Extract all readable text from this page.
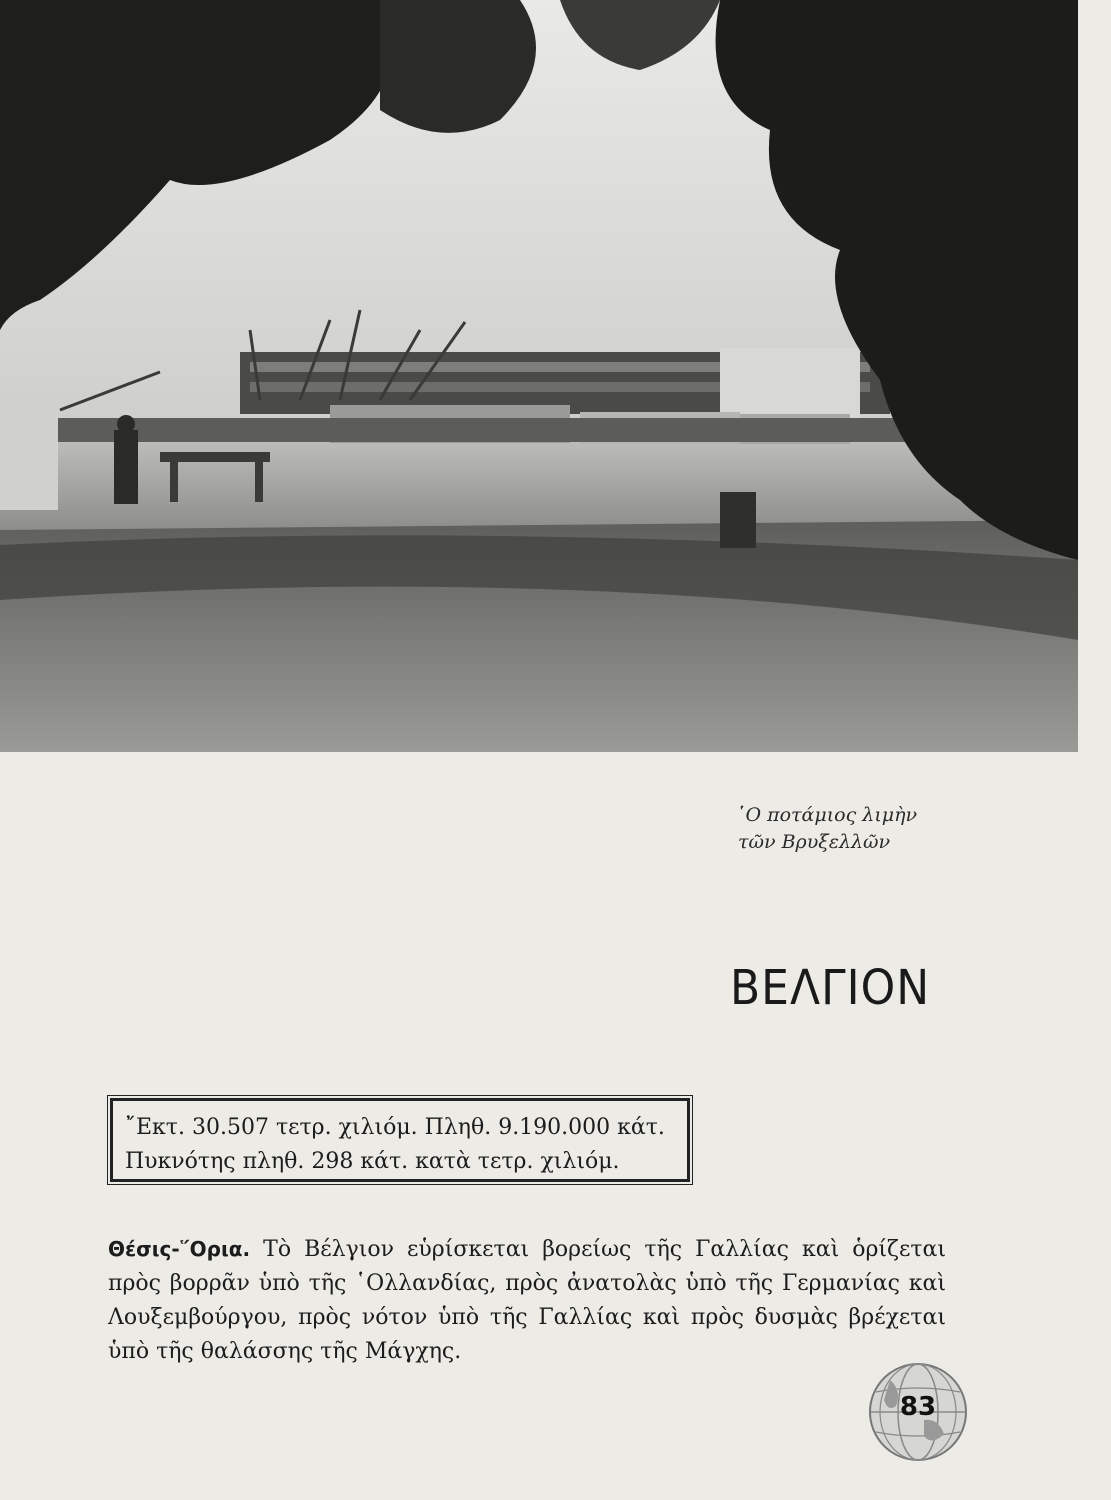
῾Ο ποτάμιος λιμὴν
τῶν Βρυξελλῶν
ΒΕΛΓΙΟΝ
῎Εκτ. 30.507 τετρ. χιλιόμ. Πληθ. 9.190.000 κάτ.
Πυκνότης πληθ. 298 κάτ. κατὰ τετρ. χιλιόμ.

Θέσις-῞Ορια. Τὸ Βέλγιον εὑρίσκεται βορείως τῆς Γαλλίας καὶ ὁρίζεται πρὸς βορρᾶν ὑπὸ τῆς ῾Ολλανδίας, πρὸς ἀνατολὰς ὑπὸ τῆς Γερμανίας καὶ Λουξεμβούργου, πρὸς νότον ὑπὸ τῆς Γαλλίας καὶ πρὸς δυσμὰς βρέχεται ὑπὸ τῆς θαλάσσης τῆς Μάγχης.

83
